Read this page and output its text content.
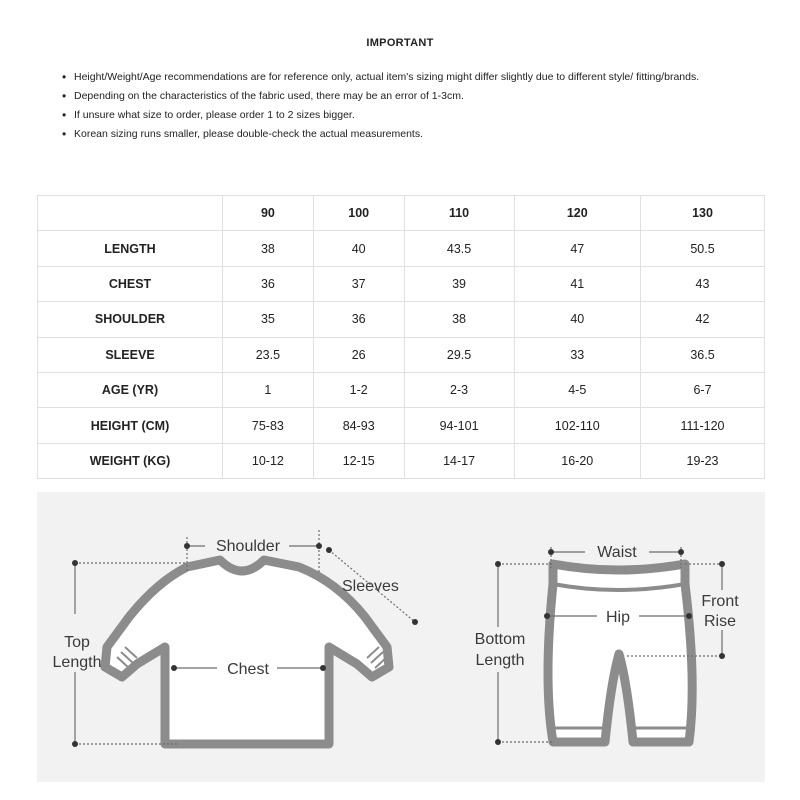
IMPORTANT
• Height/Weight/Age recommendations are for reference only, actual item's sizing might differ slightly due to different style/ fitting/brands.
• Depending on the characteristics of the fabric used, there may be an error of 1-3cm.
• If unsure what size to order, please order 1 to 2 sizes bigger.
• Korean sizing runs smaller, please double-check the actual measurements.
	90	100	110	120	130
LENGTH	38	40	43.5	47	50.5
CHEST	36	37	39	41	43
SHOULDER	35	36	38	40	42
SLEEVE	23.5	26	29.5	33	36.5
AGE (YR)	1	1-2	2-3	4-5	6-7
HEIGHT (CM)	75-83	84-93	94-101	102-110	111-120
WEIGHT (KG)	10-12	12-15	14-17	16-20	19-23
Shoulder
Sleeves
Top
Length	Chest
Waist
Hip
Front
Rise
Bottom
Length
